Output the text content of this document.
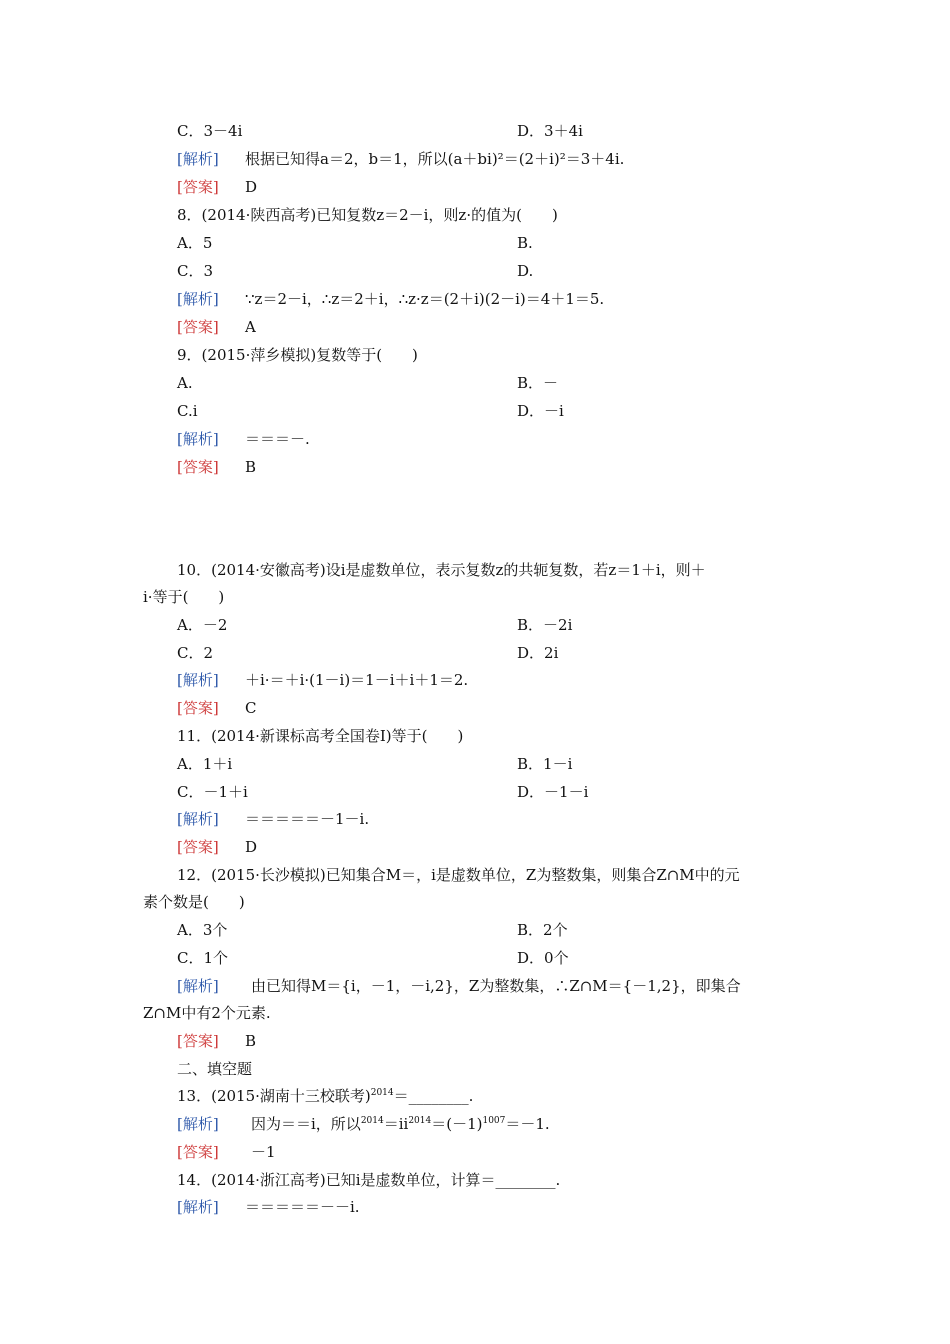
C．3－4i	D．3＋4i
[解析] 根据已知得a＝2，b＝1，所以(a＋bi)²＝(2＋i)²＝3＋4i.
[答案] D
8．(2014·陕西高考)已知复数z＝2－i，则z·的值为(　　)
A．5	B.
C．3	D.
[解析] ∵z＝2－i，∴z＝2＋i，∴z·z＝(2＋i)(2－i)＝4＋1＝5.
[答案] A
9．(2015·萍乡模拟)复数等于(　　)
A.	B．－
C.i	D．－i
[解析] ＝＝＝－.
[答案] B
10．(2014·安徽高考)设i是虚数单位，表示复数z的共轭复数，若z＝1＋i，则＋
i·等于(　　)
A．－2	B．－2i
C．2	D．2i
[解析] ＋i·＝＋i·(1－i)＝1－i＋i＋1＝2.
[答案] C
11．(2014·新课标高考全国卷Ⅰ)等于(　　)
A．1＋i	B．1－i
C．－1＋i	D．－1－i
[解析] ＝＝＝＝＝－1－i.
[答案] D
12．(2015·长沙模拟)已知集合M＝，i是虚数单位，Z为整数集，则集合Z∩M中的元
素个数是(　　)
A．3个	B．2个
C．1个	D．0个
[解析] 由已知得M＝{i，－1，－i,2}，Z为整数集，∴Z∩M＝{－1,2}，即集合
Z∩M中有2个元素.
[答案] B
二、填空题
13．(2015·湖南十三校联考)$^{2014}$＝________.
[解析] 因为＝＝i，所以$^{2014}=ii^{2014}=(-1)^{1007}=-1$.
[答案] －1
14．(2014·浙江高考)已知i是虚数单位，计算＝________.
[解析] ＝＝＝＝＝－－i.
